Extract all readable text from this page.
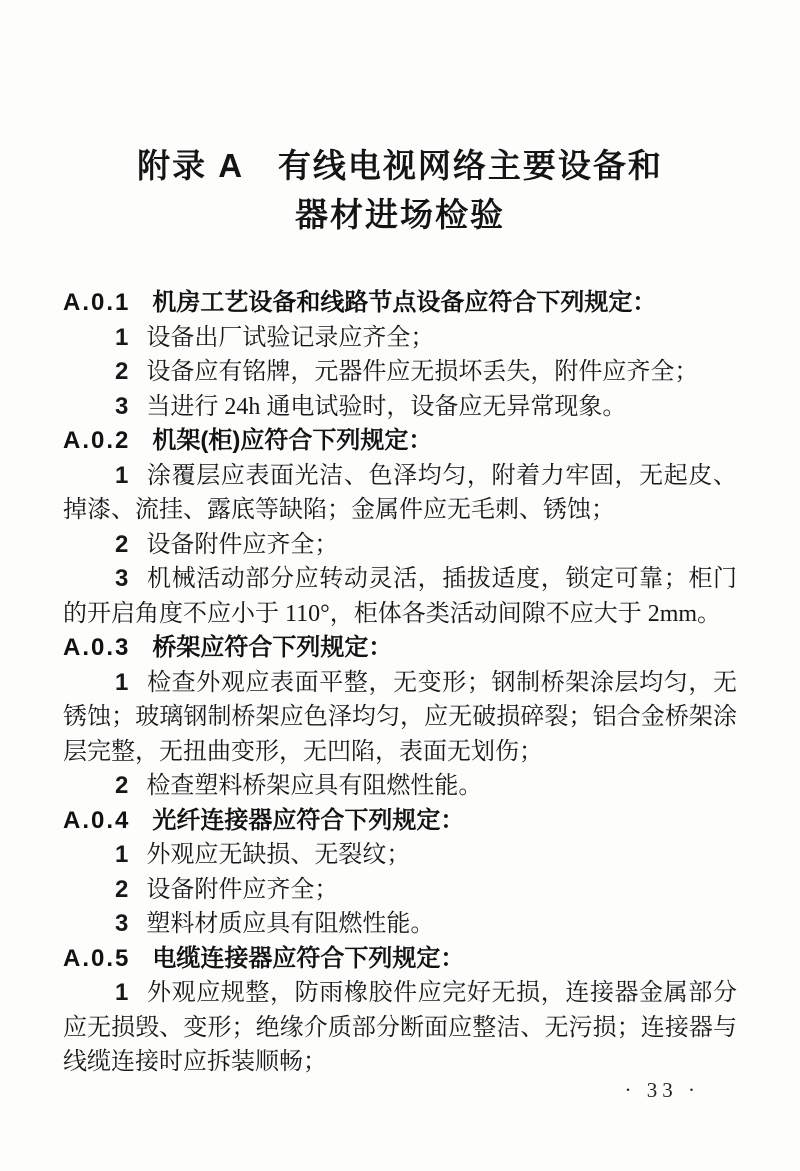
附录 A　有线电视网络主要设备和
器材进场检验

A.0.1 机房工艺设备和线路节点设备应符合下列规定：

1 设备出厂试验记录应齐全；

2 设备应有铭牌，元器件应无损坏丢失，附件应齐全；

3 当进行 24h 通电试验时，设备应无异常现象。

A.0.2 机架(柜)应符合下列规定：

1 涂覆层应表面光洁、色泽均匀，附着力牢固，无起皮、掉漆、流挂、露底等缺陷；金属件应无毛刺、锈蚀；

2 设备附件应齐全；

3 机械活动部分应转动灵活，插拔适度，锁定可靠；柜门的开启角度不应小于 110°，柜体各类活动间隙不应大于 2mm。

A.0.3 桥架应符合下列规定：

1 检查外观应表面平整，无变形；钢制桥架涂层均匀，无锈蚀；玻璃钢制桥架应色泽均匀，应无破损碎裂；铝合金桥架涂层完整，无扭曲变形，无凹陷，表面无划伤；

2 检查塑料桥架应具有阻燃性能。

A.0.4 光纤连接器应符合下列规定：

1 外观应无缺损、无裂纹；

2 设备附件应齐全；

3 塑料材质应具有阻燃性能。

A.0.5 电缆连接器应符合下列规定：

1 外观应规整，防雨橡胶件应完好无损，连接器金属部分应无损毁、变形；绝缘介质部分断面应整洁、无污损；连接器与线缆连接时应拆装顺畅；

· 33 ·
